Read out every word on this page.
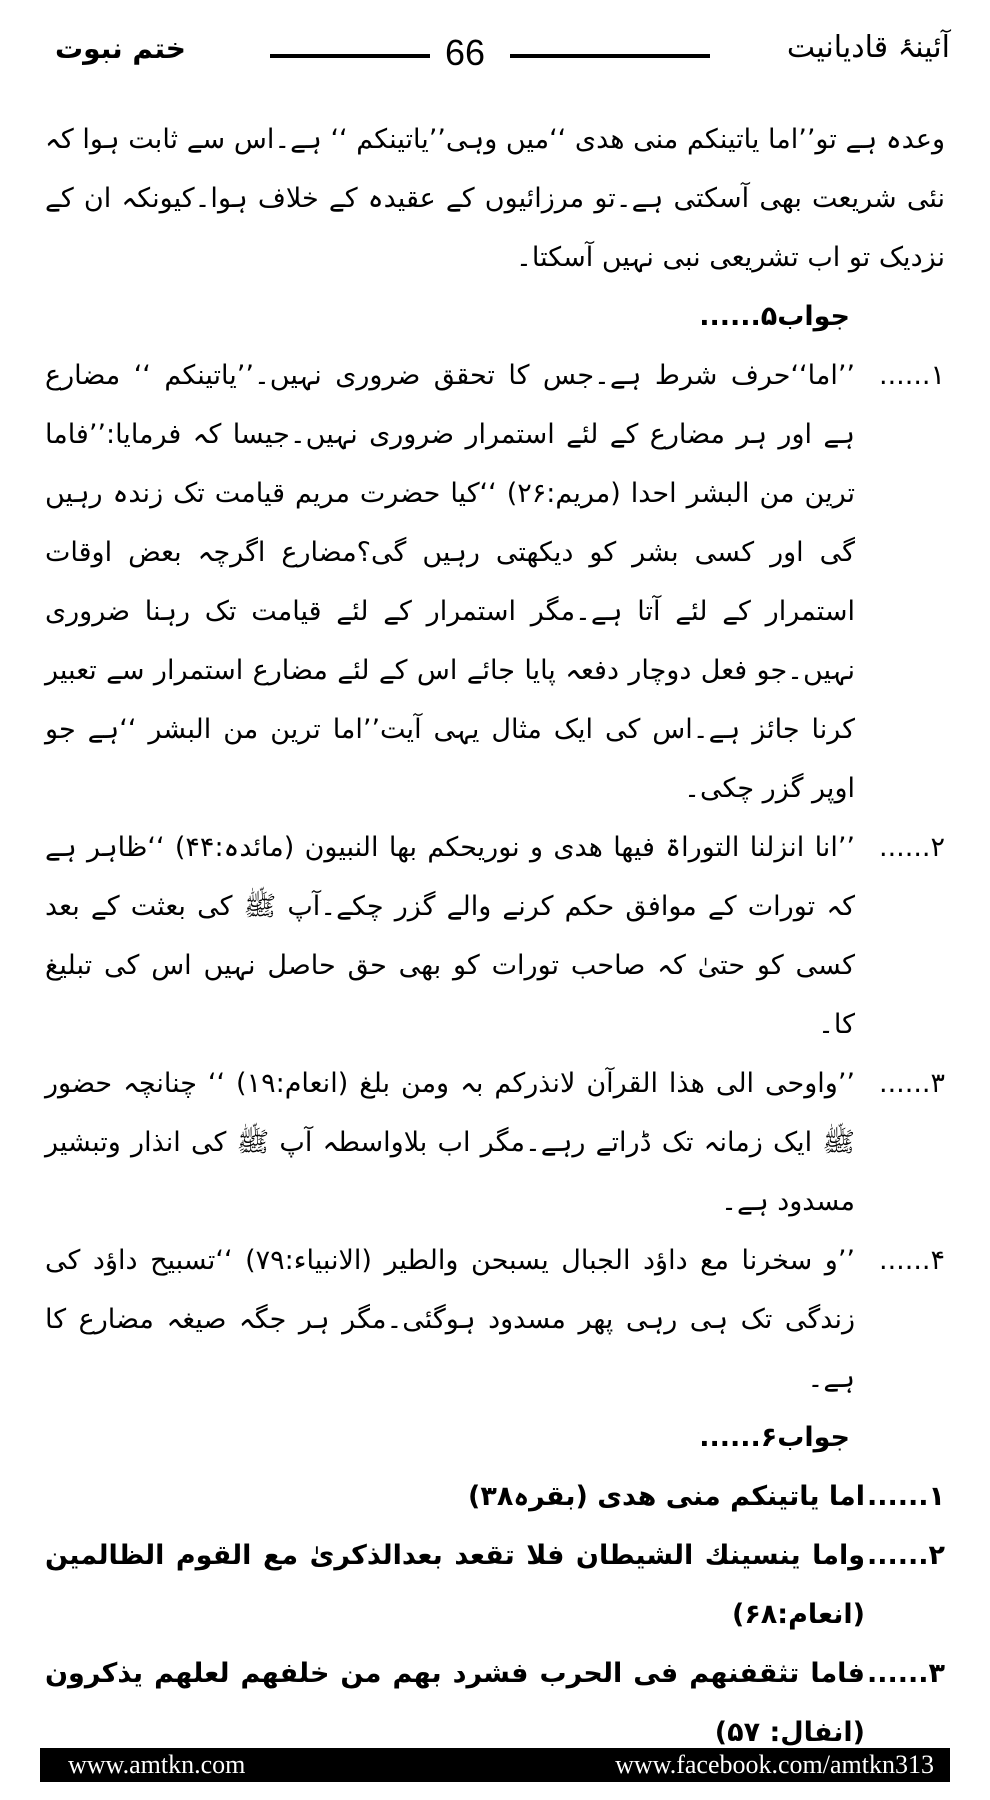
آئینۂ قادیانیت
66
ختم نبوت

وعدہ ہے تو’’اما یاتینکم منی ھدی ‘‘میں وہی’’یاتینکم ‘‘ ہے۔اس سے ثابت ہوا کہ نئی شریعت بھی آسکتی ہے۔تو مرزائیوں کے عقیدہ کے خلاف ہوا۔کیونکہ ان کے نزدیک تو اب تشریعی نبی نہیں آسکتا۔

جواب۵......

۱......
’’اما‘‘حرف شرط ہے۔جس کا تحقق ضروری نہیں۔’’یاتینکم ‘‘ مضارع ہے اور ہر مضارع کے لئے استمرار ضروری نہیں۔جیسا کہ فرمایا:’’فاما ترین من البشر احدا (مریم:۲۶) ‘‘کیا حضرت مریم قیامت تک زندہ رہیں گی اور کسی بشر کو دیکھتی رہیں گی؟مضارع اگرچہ بعض اوقات استمرار کے لئے آتا ہے۔مگر استمرار کے لئے قیامت تک رہنا ضروری نہیں۔جو فعل دوچار دفعہ پایا جائے اس کے لئے مضارع استمرار سے تعبیر کرنا جائز ہے۔اس کی ایک مثال یہی آیت’’اما ترین من البشر ‘‘ہے جو اوپر گزر چکی۔
۲......
’’انا انزلنا التوراۃ فیھا ھدی و نوریحکم بھا النبیون (مائدہ:۴۴) ‘‘ظاہر ہے کہ تورات کے موافق حکم کرنے والے گزر چکے۔آپ ﷺ کی بعثت کے بعد کسی کو حتیٰ کہ صاحب تورات کو بھی حق حاصل نہیں اس کی تبلیغ کا۔
۳......
’’واوحی الی ھذا القرآن لانذرکم بہ ومن بلغ (انعام:۱۹) ‘‘ چنانچہ حضور ﷺ ایک زمانہ تک ڈراتے رہے۔مگر اب بلاواسطہ آپ ﷺ کی انذار وتبشیر مسدود ہے۔
۴......
’’و سخرنا مع داؤد الجبال یسبحن والطیر (الانبیاء:۷۹) ‘‘تسبیح داؤد کی زندگی تک ہی رہی پھر مسدود ہوگئی۔مگر ہر جگہ صیغہ مضارع کا ہے۔

جواب۶......

۱......
اما یاتینکم منی ھدی (بقرہ۳۸)
۲......
واما ینسینك الشیطان فلا تقعد بعدالذکریٰ مع القوم الظالمین (انعام:۶۸)
۳......
فاما تثقفنھم فی الحرب فشرد بھم من خلفھم لعلھم یذکرون (انفال: ۵۷)
www.amtkn.com	www.facebook.com/amtkn313
